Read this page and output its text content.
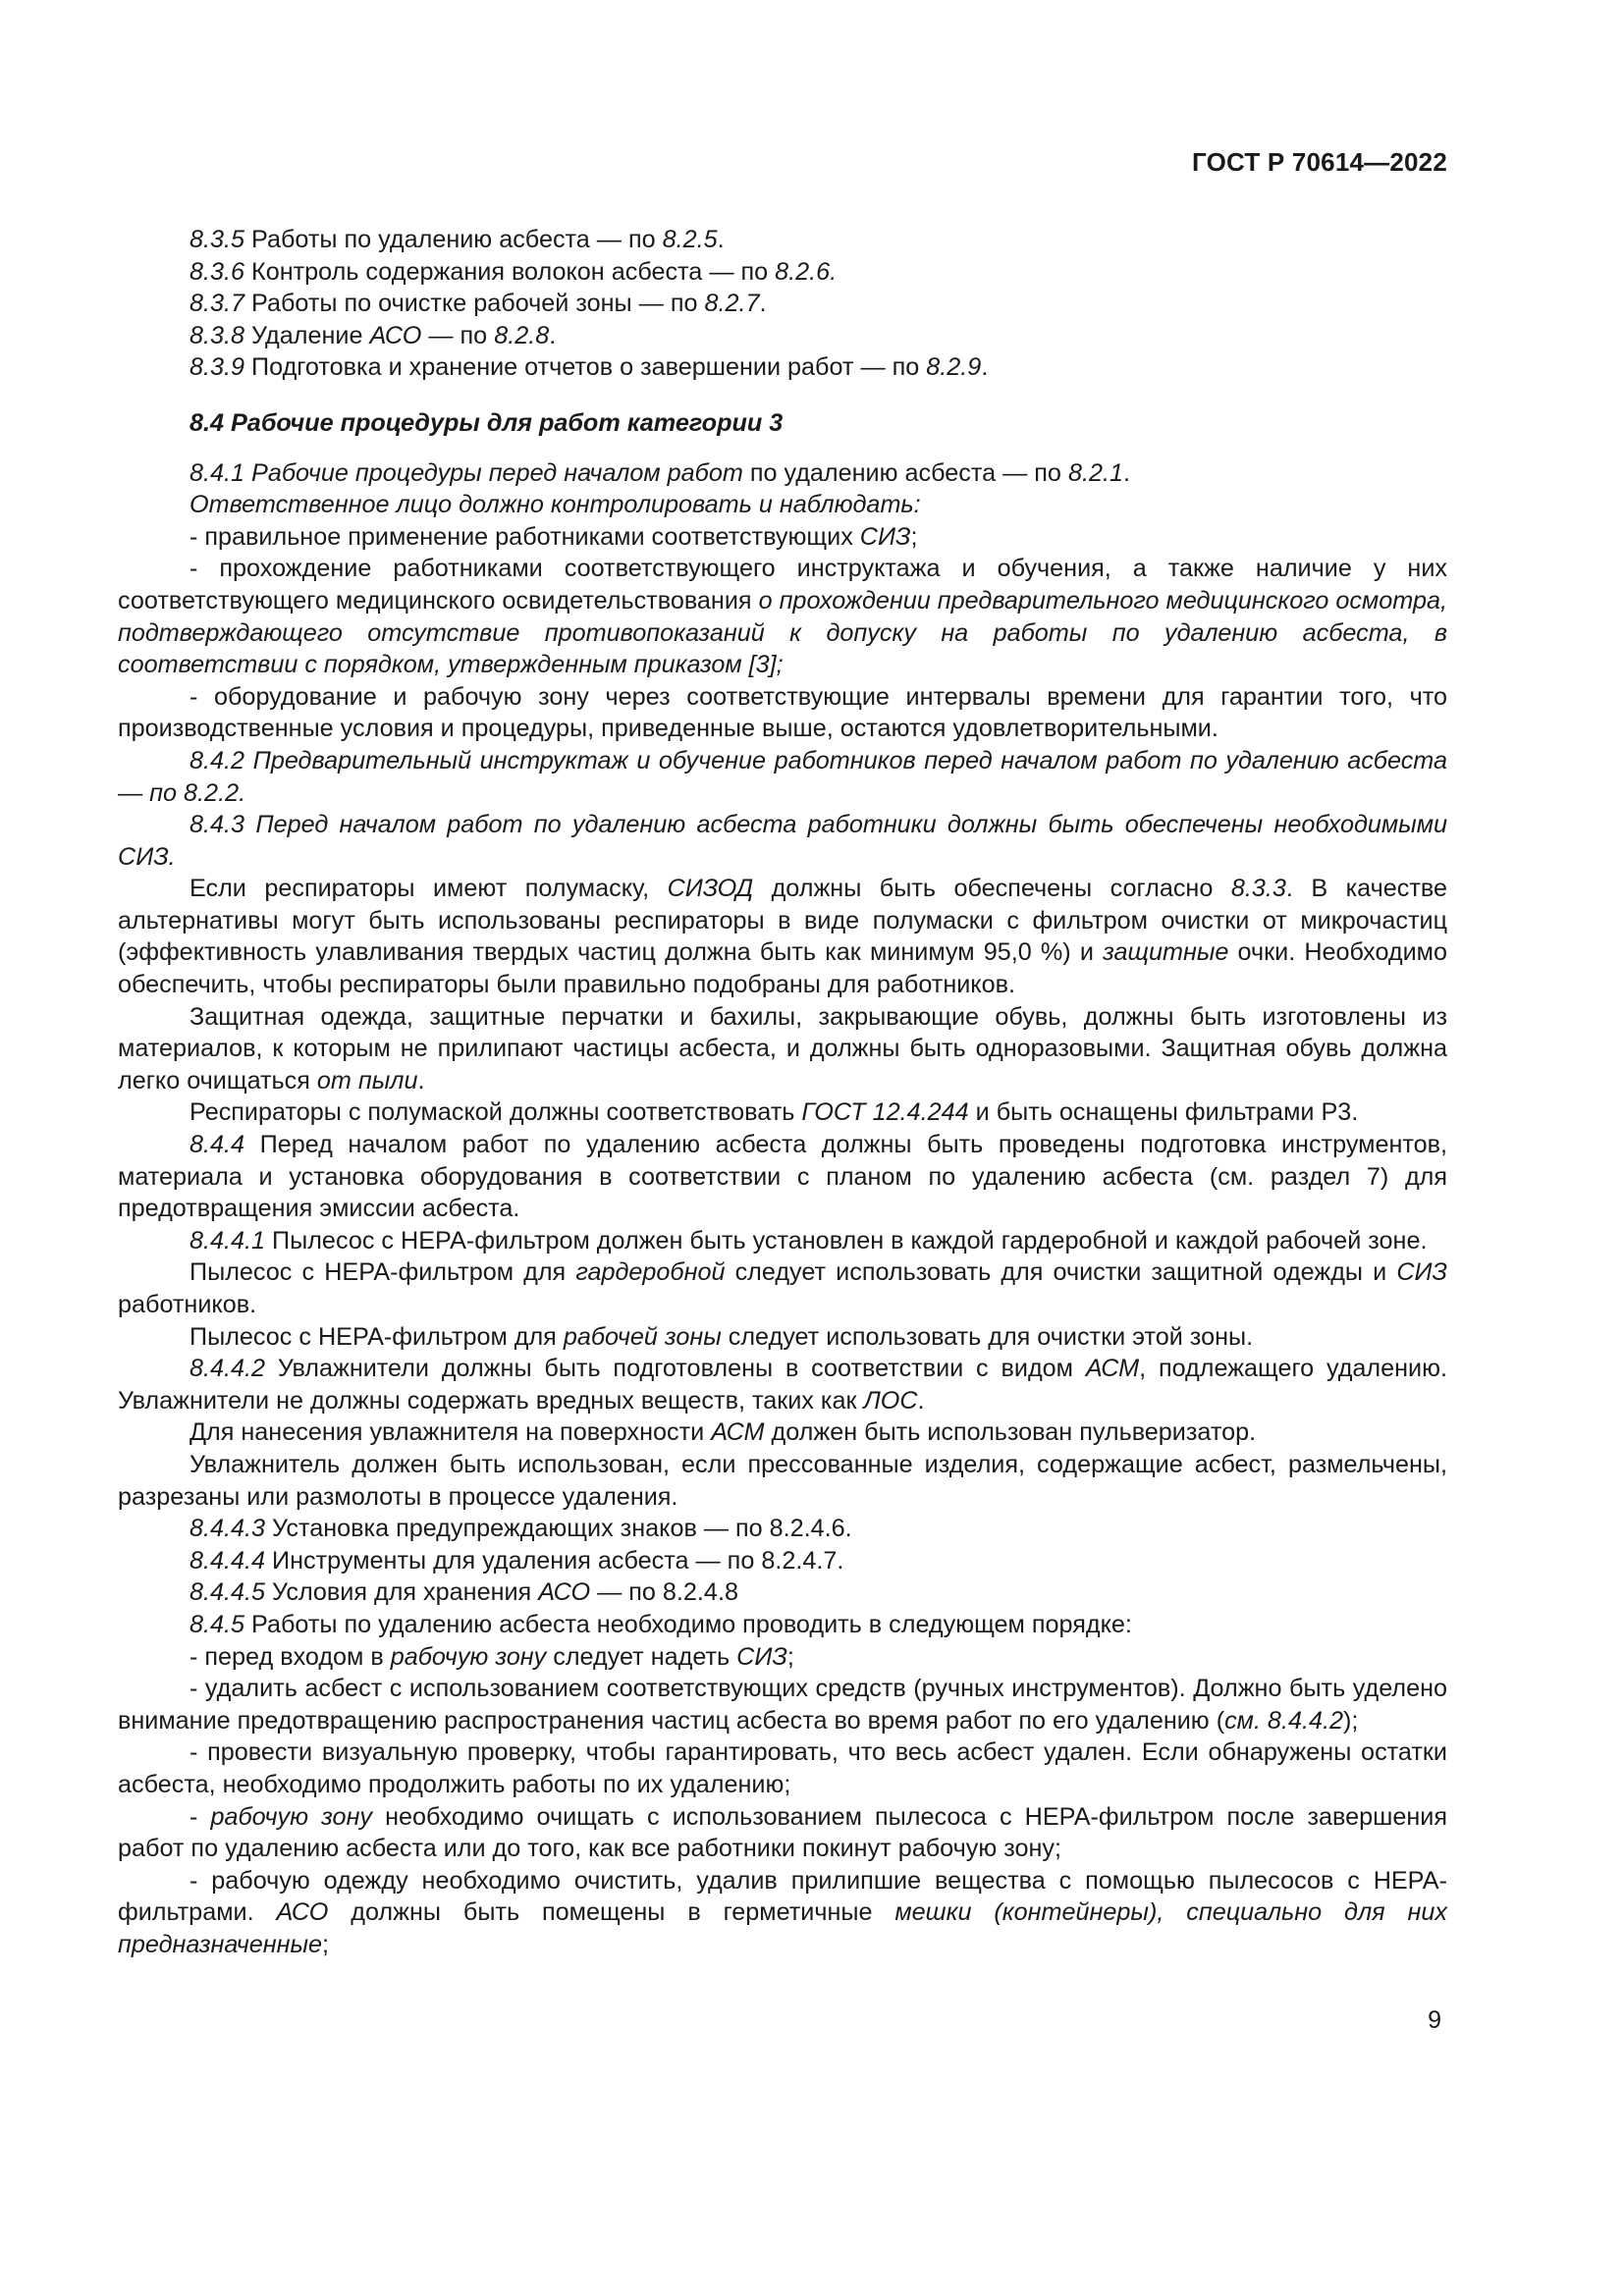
ГОСТ Р 70614—2022

8.3.5 Работы по удалению асбеста — по 8.2.5.

8.3.6 Контроль содержания волокон асбеста — по 8.2.6.

8.3.7 Работы по очистке рабочей зоны — по 8.2.7.

8.3.8 Удаление АСО — по 8.2.8.

8.3.9 Подготовка и хранение отчетов о завершении работ — по 8.2.9.

8.4 Рабочие процедуры для работ категории 3

8.4.1 Рабочие процедуры перед началом работ по удалению асбеста — по 8.2.1.

Ответственное лицо должно контролировать и наблюдать:

- правильное применение работниками соответствующих СИЗ;

- прохождение работниками соответствующего инструктажа и обучения, а также наличие у них соответствующего медицинского освидетельствования о прохождении предварительного медицинского осмотра, подтверждающего отсутствие противопоказаний к допуску на работы по удалению асбеста, в соответствии с порядком, утвержденным приказом [3];

- оборудование и рабочую зону через соответствующие интервалы времени для гарантии того, что производственные условия и процедуры, приведенные выше, остаются удовлетворительными.

8.4.2 Предварительный инструктаж и обучение работников перед началом работ по удалению асбеста — по 8.2.2.

8.4.3 Перед началом работ по удалению асбеста работники должны быть обеспечены необходимыми СИЗ.

Если респираторы имеют полумаску, СИЗОД должны быть обеспечены согласно 8.3.3. В качестве альтернативы могут быть использованы респираторы в виде полумаски с фильтром очистки от микрочастиц (эффективность улавливания твердых частиц должна быть как минимум 95,0 %) и защитные очки. Необходимо обеспечить, чтобы респираторы были правильно подобраны для работников.

Защитная одежда, защитные перчатки и бахилы, закрывающие обувь, должны быть изготовлены из материалов, к которым не прилипают частицы асбеста, и должны быть одноразовыми. Защитная обувь должна легко очищаться от пыли.

Респираторы с полумаской должны соответствовать ГОСТ 12.4.244 и быть оснащены фильтрами Р3.

8.4.4 Перед началом работ по удалению асбеста должны быть проведены подготовка инструментов, материала и установка оборудования в соответствии с планом по удалению асбеста (см. раздел 7) для предотвращения эмиссии асбеста.

8.4.4.1 Пылесос с НЕРА-фильтром должен быть установлен в каждой гардеробной и каждой рабочей зоне.

Пылесос с НЕРА-фильтром для гардеробной следует использовать для очистки защитной одежды и СИЗ работников.

Пылесос с НЕРА-фильтром для рабочей зоны следует использовать для очистки этой зоны.

8.4.4.2 Увлажнители должны быть подготовлены в соответствии с видом АСМ, подлежащего удалению. Увлажнители не должны содержать вредных веществ, таких как ЛОС.

Для нанесения увлажнителя на поверхности АСМ должен быть использован пульверизатор.

Увлажнитель должен быть использован, если прессованные изделия, содержащие асбест, размельчены, разрезаны или размолоты в процессе удаления.

8.4.4.3 Установка предупреждающих знаков — по 8.2.4.6.

8.4.4.4 Инструменты для удаления асбеста — по 8.2.4.7.

8.4.4.5 Условия для хранения АСО — по 8.2.4.8

8.4.5 Работы по удалению асбеста необходимо проводить в следующем порядке:

- перед входом в рабочую зону следует надеть СИЗ;

- удалить асбест с использованием соответствующих средств (ручных инструментов). Должно быть уделено внимание предотвращению распространения частиц асбеста во время работ по его удалению (см. 8.4.4.2);

- провести визуальную проверку, чтобы гарантировать, что весь асбест удален. Если обнаружены остатки асбеста, необходимо продолжить работы по их удалению;

- рабочую зону необходимо очищать с использованием пылесоса с НЕРА-фильтром после завершения работ по удалению асбеста или до того, как все работники покинут рабочую зону;

- рабочую одежду необходимо очистить, удалив прилипшие вещества с помощью пылесосов с НЕРА-фильтрами. АСО должны быть помещены в герметичные мешки (контейнеры), специально для них предназначенные;

9
